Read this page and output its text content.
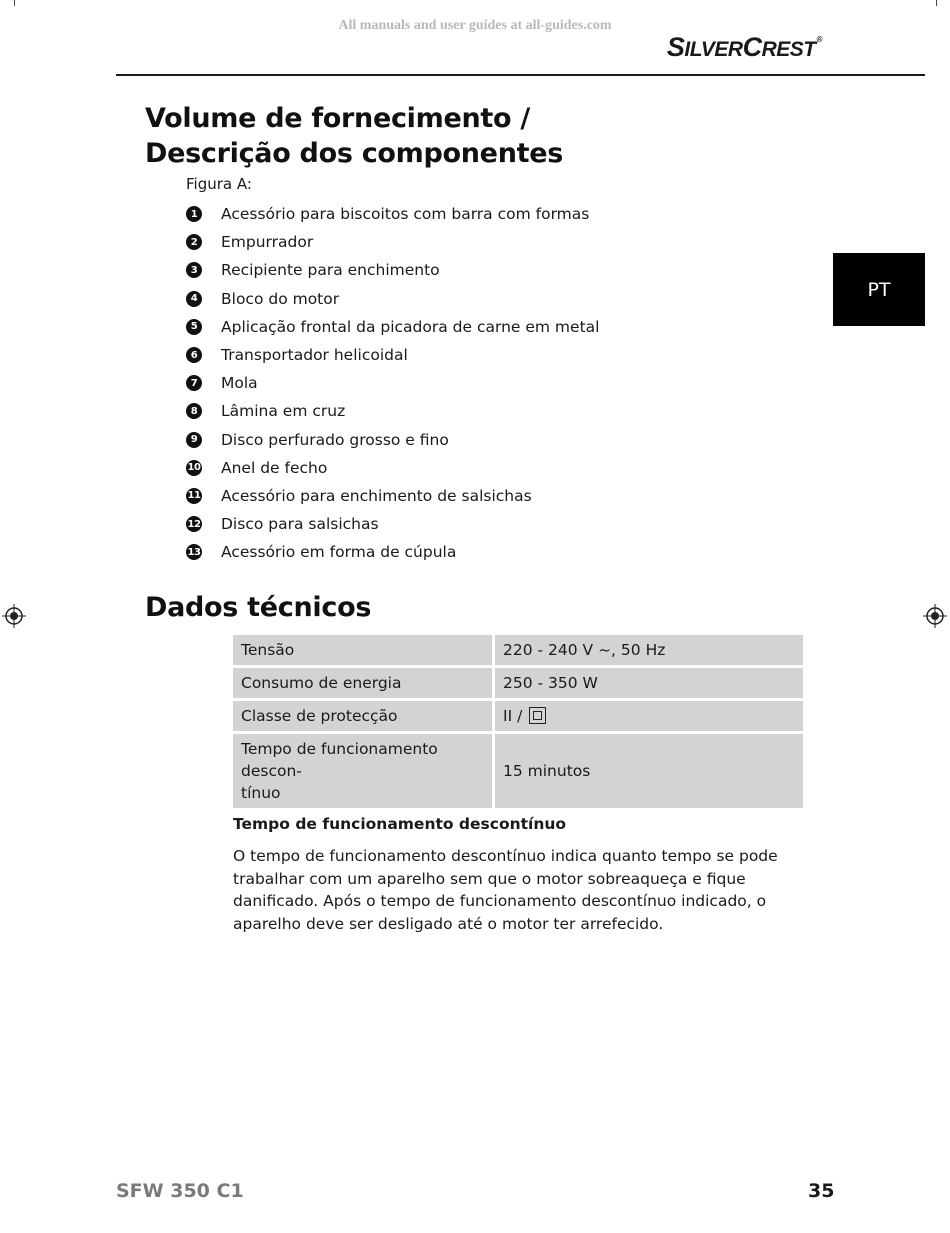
All manuals and user guides at all-guides.com
SILVERCREST®
PT
Volume de fornecimento /
Descrição dos componentes
Figura A:
1	Acessório para biscoitos com barra com formas
2	Empurrador
3	Recipiente para enchimento
4	Bloco do motor
5	Aplicação frontal da picadora de carne em metal
6	Transportador helicoidal
7	Mola
8	Lâmina em cruz
9	Disco perfurado grosso e fino
10 Anel de fecho
11 Acessório para enchimento de salsichas
12 Disco para salsichas
13 Acessório em forma de cúpula
Dados técnicos
Tensão	220 - 240 V ~, 50 Hz
Consumo de energia	250 - 350 W
Classe de protecção	II /
Tempo de funcionamento descon-
tínuo	15 minutos
Tempo de funcionamento descontínuo

O tempo de funcionamento descontínuo indica quanto tempo se pode trabalhar com um aparelho sem que o motor sobreaqueça e fique danificado. Após o tempo de funcionamento descontínuo indicado, o aparelho deve ser desligado até o motor ter arrefecido.

SFW 350 C1	35
